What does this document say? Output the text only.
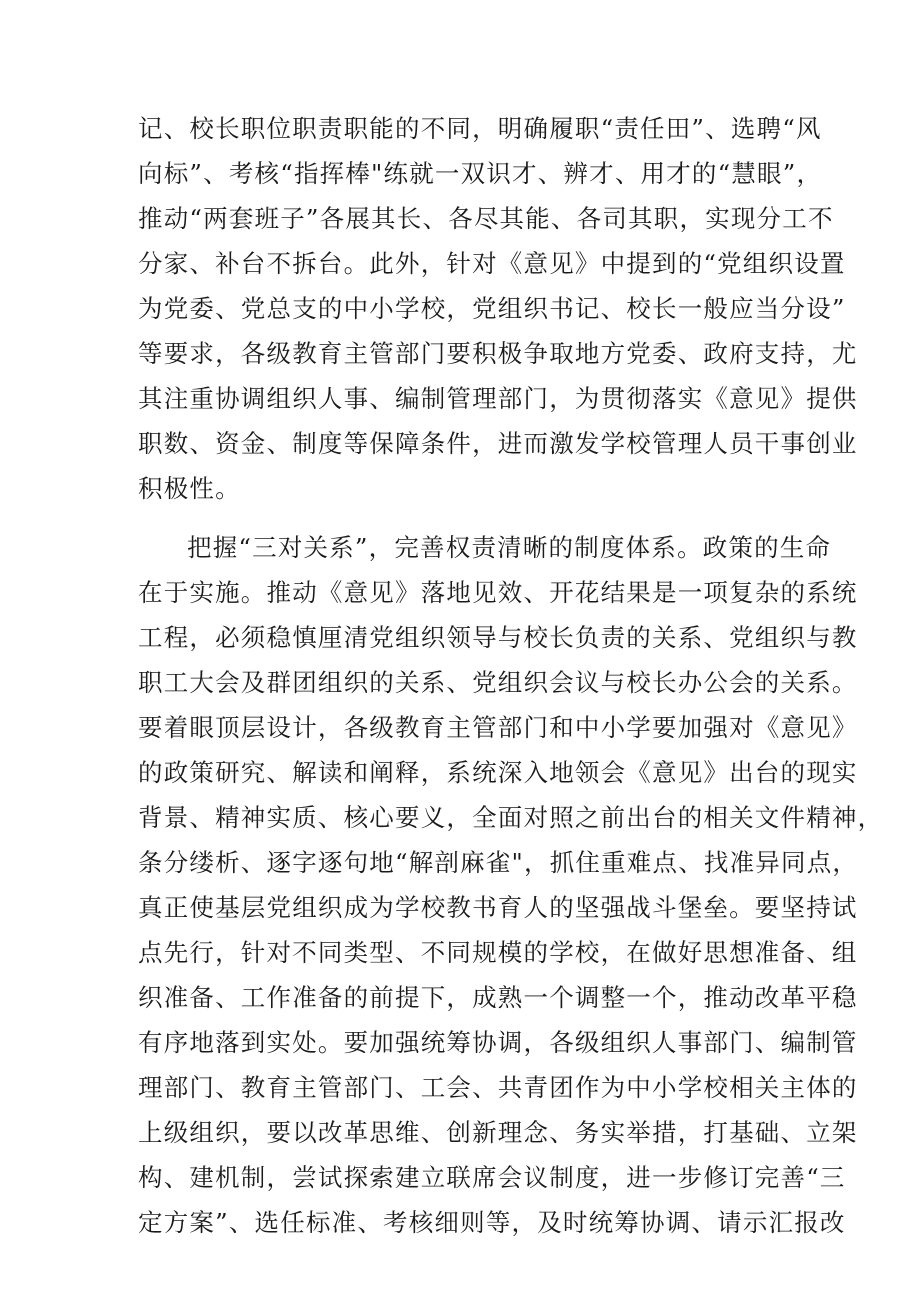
记、校长职位职责职能的不同，明确履职“责任田”、选聘“风
向标”、考核“指挥棒"练就一双识才、辨才、用才的“慧眼”，
推动“两套班子”各展其长、各尽其能、各司其职，实现分工不
分家、补台不拆台。此外，针对《意见》中提到的“党组织设置
为党委、党总支的中小学校，党组织书记、校长一般应当分设”
等要求，各级教育主管部门要积极争取地方党委、政府支持，尤
其注重协调组织人事、编制管理部门，为贯彻落实《意见》提供
职数、资金、制度等保障条件，进而激发学校管理人员干事创业
积极性。
把握“三对关系”，完善权责清晰的制度体系。政策的生命
在于实施。推动《意见》落地见效、开花结果是一项复杂的系统
工程，必须稳慎厘清党组织领导与校长负责的关系、党组织与教
职工大会及群团组织的关系、党组织会议与校长办公会的关系。
要着眼顶层设计，各级教育主管部门和中小学要加强对《意见》
的政策研究、解读和阐释，系统深入地领会《意见》出台的现实
背景、精神实质、核心要义，全面对照之前出台的相关文件精神，
条分缕析、逐字逐句地“解剖麻雀"，抓住重难点、找准异同点，
真正使基层党组织成为学校教书育人的坚强战斗堡垒。要坚持试
点先行，针对不同类型、不同规模的学校，在做好思想准备、组
织准备、工作准备的前提下，成熟一个调整一个，推动改革平稳
有序地落到实处。要加强统筹协调，各级组织人事部门、编制管
理部门、教育主管部门、工会、共青团作为中小学校相关主体的
上级组织，要以改革思维、创新理念、务实举措，打基础、立架
构、建机制，尝试探索建立联席会议制度，进一步修订完善“三
定方案”、选任标准、考核细则等，及时统筹协调、请示汇报改
